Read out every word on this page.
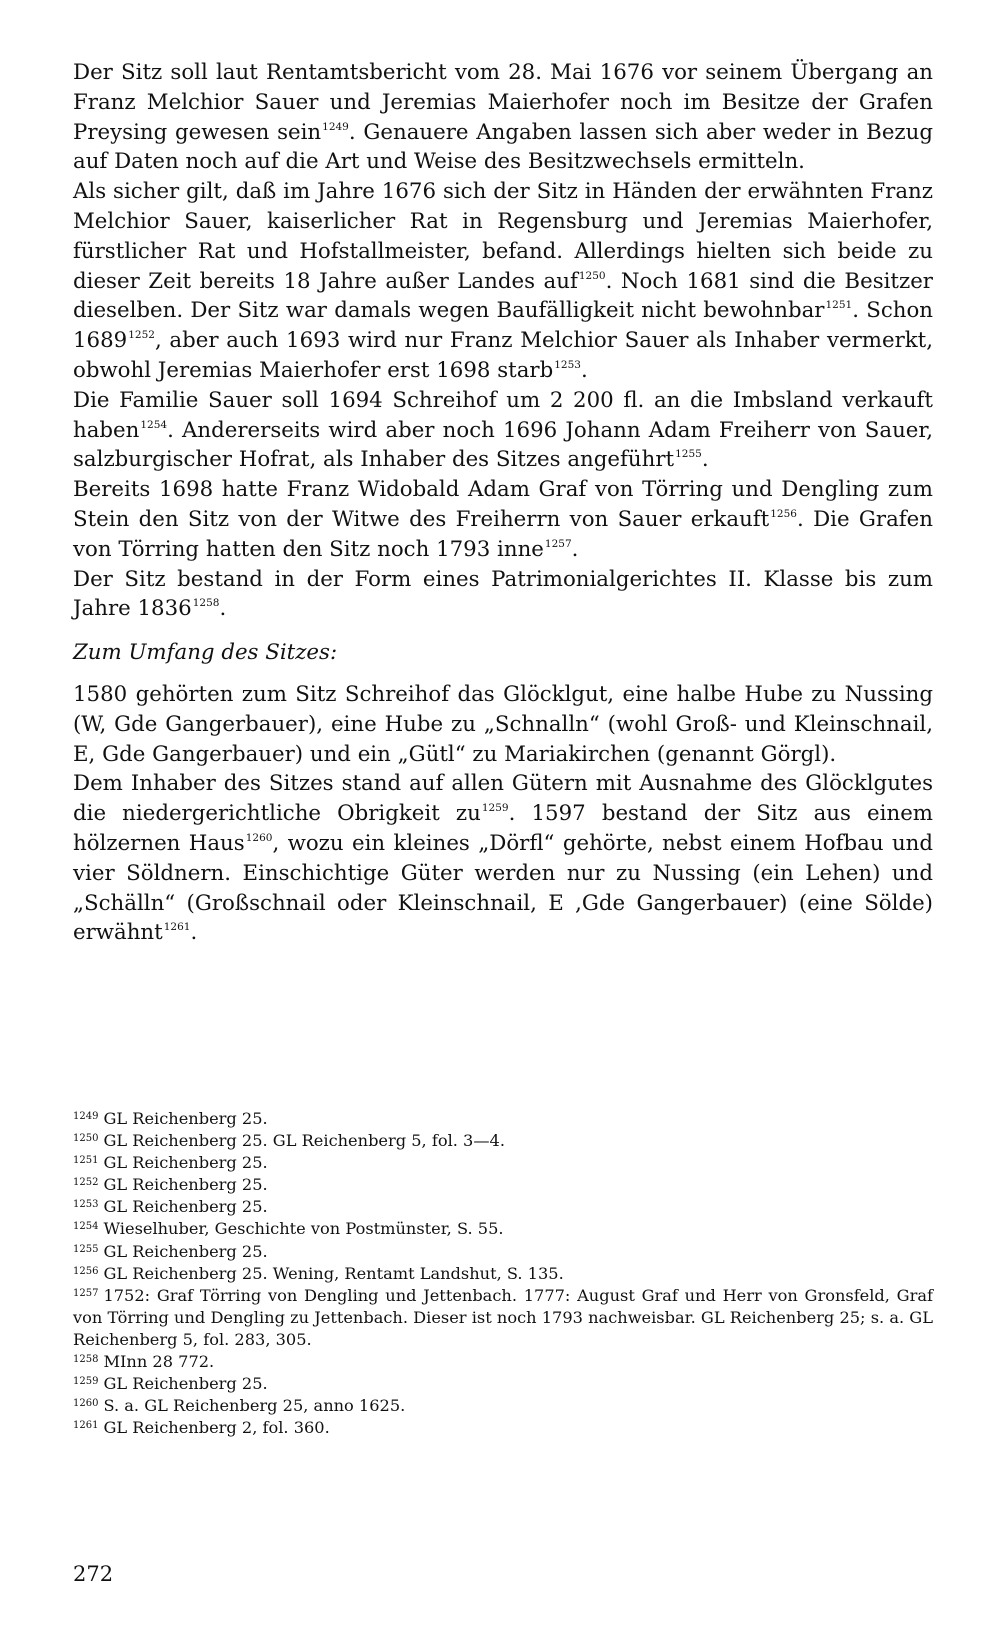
Der Sitz soll laut Rentamtsbericht vom 28. Mai 1676 vor seinem Übergang an Franz Melchior Sauer und Jeremias Maierhofer noch im Besitze der Grafen Preysing gewesen sein$^{1249}$. Genauere Angaben lassen sich aber weder in Bezug auf Daten noch auf die Art und Weise des Besitzwechsels ermitteln.

Als sicher gilt, daß im Jahre 1676 sich der Sitz in Händen der erwähnten Franz Melchior Sauer, kaiserlicher Rat in Regensburg und Jeremias Maierhofer, fürstlicher Rat und Hofstallmeister, befand. Allerdings hielten sich beide zu dieser Zeit bereits 18 Jahre außer Landes auf$^{1250}$. Noch 1681 sind die Besitzer dieselben. Der Sitz war damals wegen Baufälligkeit nicht bewohnbar$^{1251}$. Schon $1689^{1252}$, aber auch 1693 wird nur Franz Melchior Sauer als Inhaber vermerkt, obwohl Jeremias Maierhofer erst 1698 starb$^{1253}$.

Die Familie Sauer soll 1694 Schreihof um 2 200 fl. an die Imbsland verkauft haben$^{1254}$. Andererseits wird aber noch 1696 Johann Adam Freiherr von Sauer, salzburgischer Hofrat, als Inhaber des Sitzes angeführt$^{1255}$.

Bereits 1698 hatte Franz Widobald Adam Graf von Törring und Dengling zum Stein den Sitz von der Witwe des Freiherrn von Sauer erkauft$^{1256}$. Die Grafen von Törring hatten den Sitz noch 1793 inne$^{1257}$.

Der Sitz bestand in der Form eines Patrimonialgerichtes II. Klasse bis zum Jahre $1836^{1258}$.

Zum Umfang des Sitzes:

1580 gehörten zum Sitz Schreihof das Glöcklgut, eine halbe Hube zu Nussing (W, Gde Gangerbauer), eine Hube zu „Schnalln“ (wohl Groß- und Kleinschnail, E, Gde Gangerbauer) und ein „Gütl“ zu Mariakirchen (genannt Görgl).

Dem Inhaber des Sitzes stand auf allen Gütern mit Ausnahme des Glöcklgutes die niedergerichtliche Obrigkeit $zu^{1259}$. 1597 bestand der Sitz aus einem hölzernen Haus$^{1260}$, wozu ein kleines „Dörfl“ gehörte, nebst einem Hofbau und vier Söldnern. Einschichtige Güter werden nur zu Nussing (ein Lehen) und „Schälln“ (Großschnail oder Kleinschnail, E ,Gde Gangerbauer) (eine Sölde) erwähnt$^{1261}$.

$^{1249}$ GL Reichenberg 25.

$^{1250}$ GL Reichenberg 25. GL Reichenberg 5, fol. 3—4.

$^{1251}$ GL Reichenberg 25.

$^{1252}$ GL Reichenberg 25.

$^{1253}$ GL Reichenberg 25.

$^{1254}$ Wieselhuber, Geschichte von Postmünster, S. 55.

$^{1255}$ GL Reichenberg 25.

$^{1256}$ GL Reichenberg 25. Wening, Rentamt Landshut, S. 135.

$^{1257}$ 1752: Graf Törring von Dengling und Jettenbach. 1777: August Graf und Herr von Gronsfeld, Graf von Törring und Dengling zu Jettenbach. Dieser ist noch 1793 nachweisbar. GL Reichenberg 25; s. a. GL Reichenberg 5, fol. 283, 305.

$^{1258}$ MInn 28 772.

$^{1259}$ GL Reichenberg 25.

$^{1260}$ S. a. GL Reichenberg 25, anno 1625.

$^{1261}$ GL Reichenberg 2, fol. 360.

272
